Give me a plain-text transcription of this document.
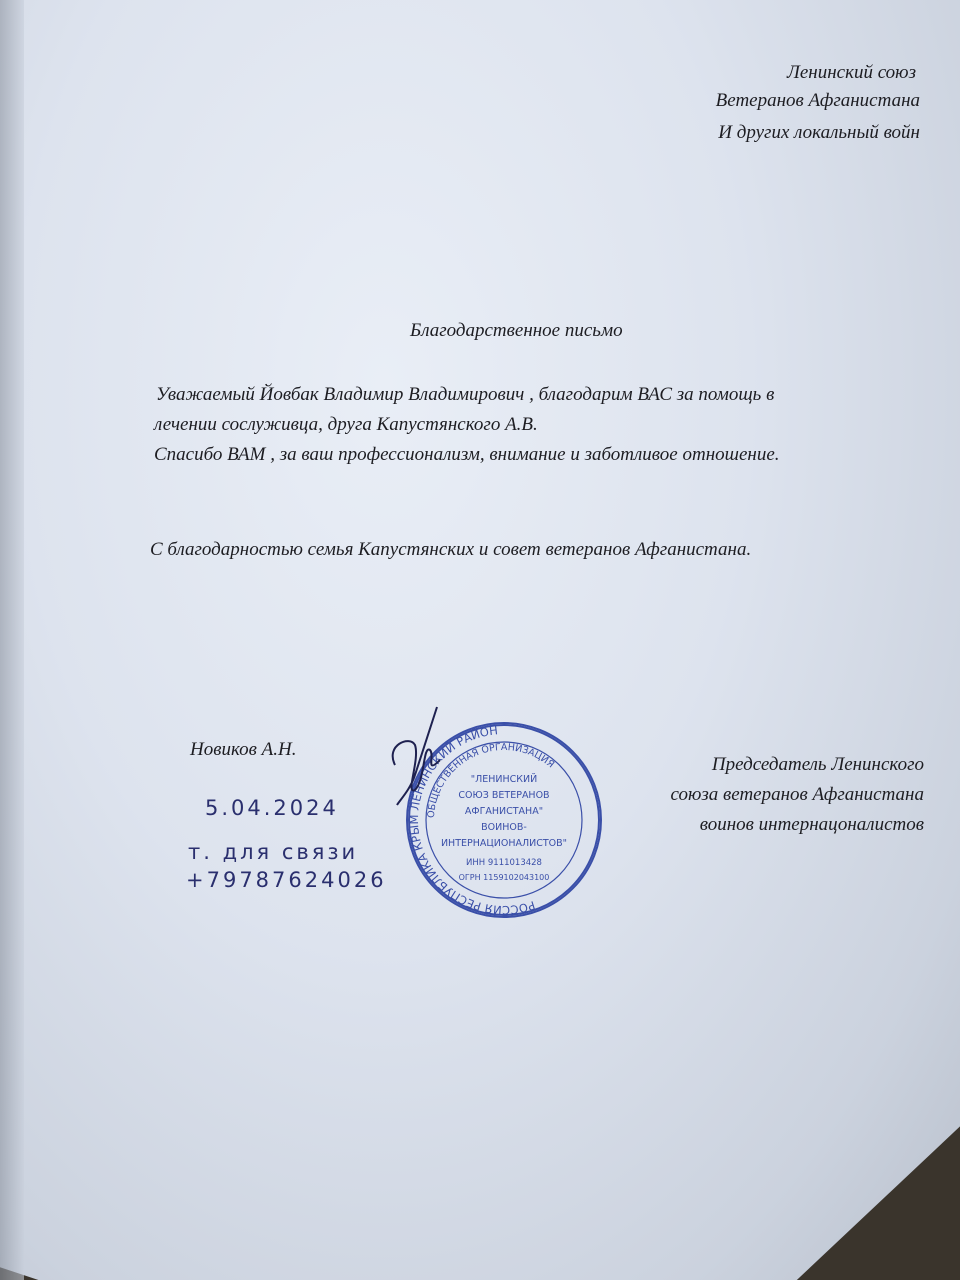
Ленинский союз
Ветеранов Афганистана
И других локальный войн
Благодарственное письмо
Уважаемый Йовбак Владимир Владимирович , благодарим ВАС за помощь в
лечении сослуживца, друга Капустянского А.В.
Спасибо ВАМ , за ваш профессионализм, внимание и заботливое отношение.
С благодарностью семья Капустянских и совет ветеранов Афганистана.
Новиков А.Н.
Председатель Ленинского
союза ветеранов Афганистана
воинов интернацоналистов
5.04.2024
т. для связи
+79787624026
РОССИЯ РЕСПУБЛИКА КРЫМ ЛЕНИНСКИЙ РАЙОН
ОБЩЕСТВЕННАЯ ОРГАНИЗАЦИЯ
"ЛЕНИНСКИЙ
СОЮЗ ВЕТЕРАНОВ
АФГАНИСТАНА"
ВОИНОВ-
ИНТЕРНАЦИОНАЛИСТОВ"
ИНН 9111013428
ОГРН 1159102043100
